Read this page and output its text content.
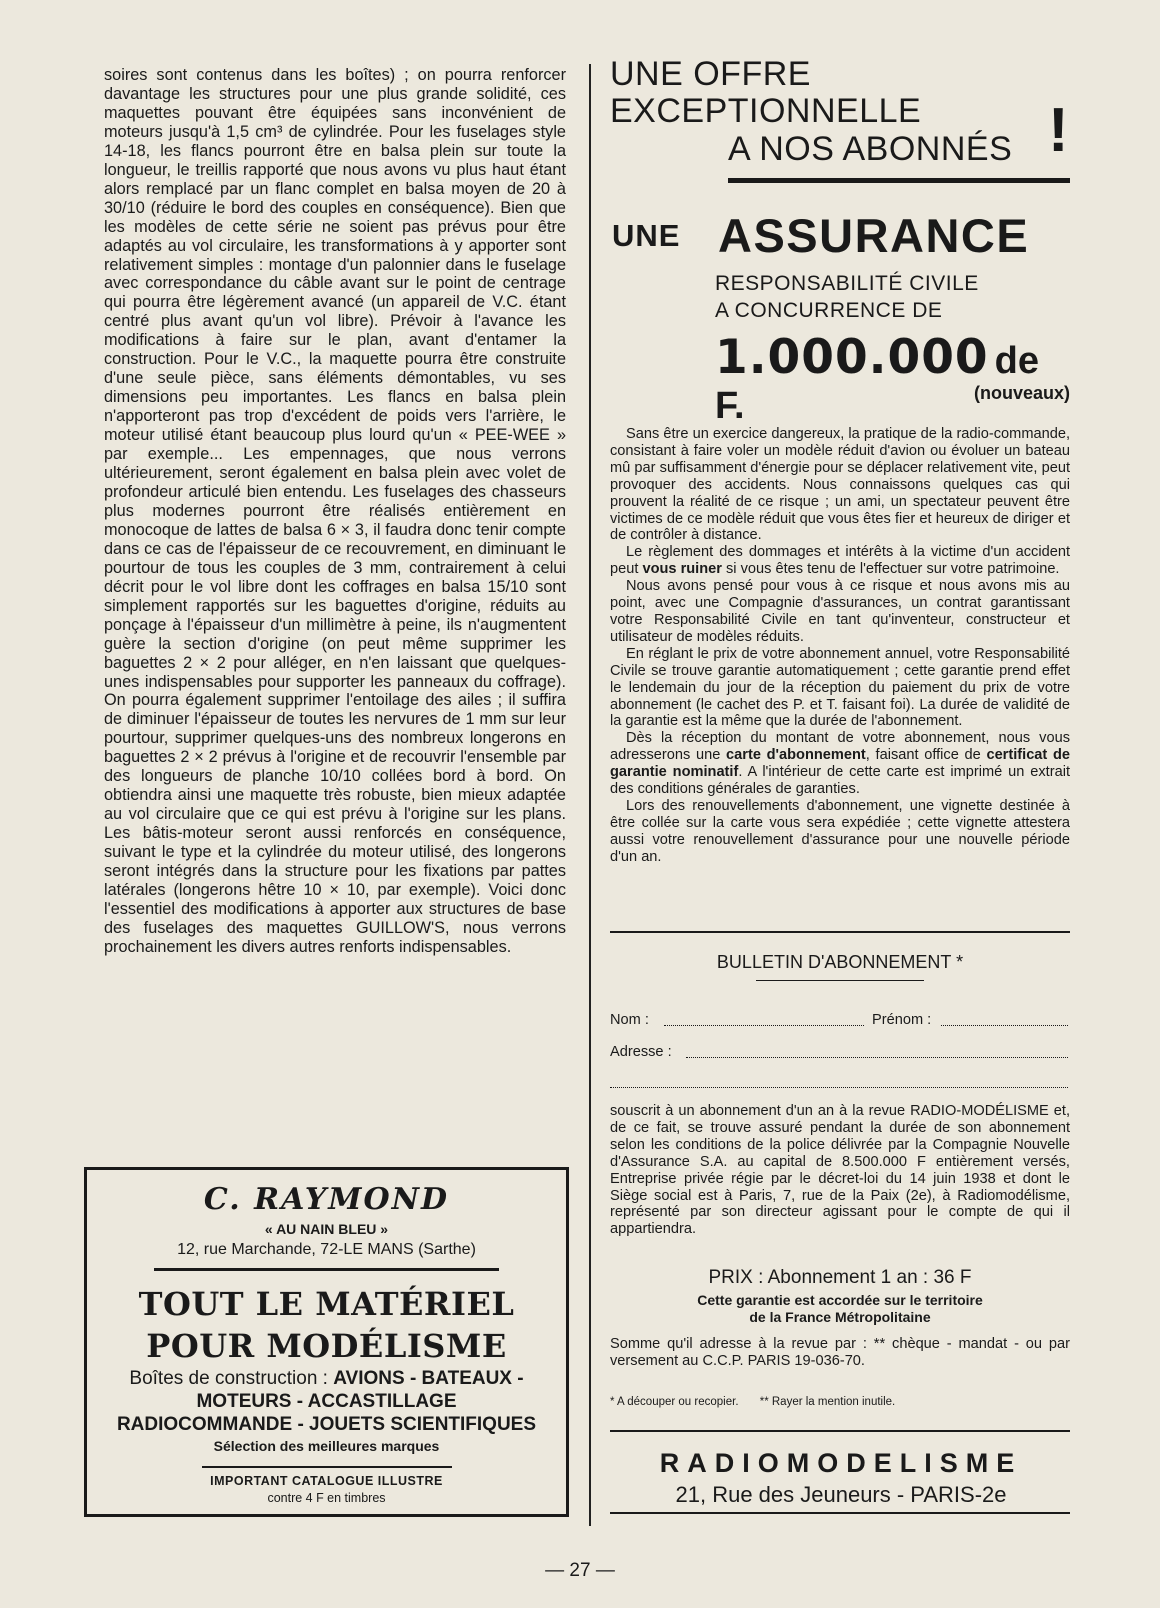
soires sont contenus dans les boîtes) ; on pourra renforcer davantage les structures pour une plus grande solidité, ces maquettes pouvant être équipées sans inconvénient de moteurs jusqu'à 1,5 cm³ de cylindrée. Pour les fuselages style 14-18, les flancs pourront être en balsa plein sur toute la longueur, le treillis rapporté que nous avons vu plus haut étant alors remplacé par un flanc complet en balsa moyen de 20 à 30/10 (réduire le bord des couples en conséquence). Bien que les modèles de cette série ne soient pas prévus pour être adaptés au vol circulaire, les transformations à y apporter sont relativement simples : montage d'un palonnier dans le fuselage avec correspondance du câble avant sur le point de centrage qui pourra être légèrement avancé (un appareil de V.C. étant centré plus avant qu'un vol libre). Prévoir à l'avance les modifications à faire sur le plan, avant d'entamer la construction. Pour le V.C., la maquette pourra être construite d'une seule pièce, sans éléments démontables, vu ses dimensions peu importantes. Les flancs en balsa plein n'apporteront pas trop d'excédent de poids vers l'arrière, le moteur utilisé étant beaucoup plus lourd qu'un « PEE-WEE » par exemple... Les empennages, que nous verrons ultérieurement, seront également en balsa plein avec volet de profondeur articulé bien entendu. Les fuselages des chasseurs plus modernes pourront être réalisés entièrement en monocoque de lattes de balsa 6 × 3, il faudra donc tenir compte dans ce cas de l'épaisseur de ce recouvrement, en diminuant le pourtour de tous les couples de 3 mm, contrairement à celui décrit pour le vol libre dont les coffrages en balsa 15/10 sont simplement rapportés sur les baguettes d'origine, réduits au ponçage à l'épaisseur d'un millimètre à peine, ils n'augmentent guère la section d'origine (on peut même supprimer les baguettes 2 × 2 pour alléger, en n'en laissant que quelques-unes indispensables pour supporter les panneaux du coffrage). On pourra également supprimer l'entoilage des ailes ; il suffira de diminuer l'épaisseur de toutes les nervures de 1 mm sur leur pourtour, supprimer quelques-uns des nombreux longerons en baguettes 2 × 2 prévus à l'origine et de recouvrir l'ensemble par des longueurs de planche 10/10 collées bord à bord. On obtiendra ainsi une maquette très robuste, bien mieux adaptée au vol circulaire que ce qui est prévu à l'origine sur les plans. Les bâtis-moteur seront aussi renforcés en conséquence, suivant le type et la cylindrée du moteur utilisé, des longerons seront intégrés dans la structure pour les fixations par pattes latérales (longerons hêtre 10 × 10, par exemple). Voici donc l'essentiel des modifications à apporter aux structures de base des fuselages des maquettes GUILLOW'S, nous verrons prochainement les divers autres renforts indispensables.

C. RAYMOND
« AU NAIN BLEU »
12, rue Marchande, 72-LE MANS (Sarthe)
TOUT LE MATÉRIEL
POUR MODÉLISME
Boîtes de construction : AVIONS - BATEAUX -
MOTEURS - ACCASTILLAGE
RADIOCOMMANDE - JOUETS SCIENTIFIQUES
Sélection des meilleures marques
IMPORTANT CATALOGUE ILLUSTRE
contre 4 F en timbres
UNE OFFRE
EXCEPTIONNELLE
A NOS ABONNÉS !
UNE ASSURANCE
RESPONSABILITÉ CIVILE
A CONCURRENCE DE
1.000.000 de F.	(nouveaux)

Sans être un exercice dangereux, la pratique de la radio-commande, consistant à faire voler un modèle réduit d'avion ou évoluer un bateau mû par suffisamment d'énergie pour se déplacer relativement vite, peut provoquer des accidents. Nous connaissons quelques cas qui prouvent la réalité de ce risque ; un ami, un spectateur peuvent être victimes de ce modèle réduit que vous êtes fier et heureux de diriger et de contrôler à distance.

Le règlement des dommages et intérêts à la victime d'un accident peut vous ruiner si vous êtes tenu de l'effectuer sur votre patrimoine.

Nous avons pensé pour vous à ce risque et nous avons mis au point, avec une Compagnie d'assurances, un contrat garantissant votre Responsabilité Civile en tant qu'inventeur, constructeur et utilisateur de modèles réduits.

En réglant le prix de votre abonnement annuel, votre Responsabilité Civile se trouve garantie automatiquement ; cette garantie prend effet le lendemain du jour de la réception du paiement du prix de votre abonnement (le cachet des P. et T. faisant foi). La durée de validité de la garantie est la même que la durée de l'abonnement.

Dès la réception du montant de votre abonnement, nous vous adresserons une carte d'abonnement, faisant office de certificat de garantie nominatif. A l'intérieur de cette carte est imprimé un extrait des conditions générales de garanties.

Lors des renouvellements d'abonnement, une vignette destinée à être collée sur la carte vous sera expédiée ; cette vignette attestera aussi votre renouvellement d'assurance pour une nouvelle période d'un an.

BULLETIN D'ABONNEMENT *
Nom :	Prénom :
Adresse :
souscrit à un abonnement d'un an à la revue RADIO-MODÉLISME et, de ce fait, se trouve assuré pendant la durée de son abonnement selon les conditions de la police délivrée par la Compagnie Nouvelle d'Assurance S.A. au capital de 8.500.000 F entièrement versés, Entreprise privée régie par le décret-loi du 14 juin 1938 et dont le Siège social est à Paris, 7, rue de la Paix (2e), à Radiomodélisme, représenté par son directeur agissant pour le compte de qui il appartiendra.
PRIX : Abonnement 1 an : 36 F
Cette garantie est accordée sur le territoire
de la France Métropolitaine
Somme qu'il adresse à la revue par : ** chèque - mandat - ou par versement au C.C.P. PARIS 19-036-70.
* A découper ou recopier. ** Rayer la mention inutile.
RADIOMODELISME
21, Rue des Jeuneurs - PARIS-2e
— 27 —
